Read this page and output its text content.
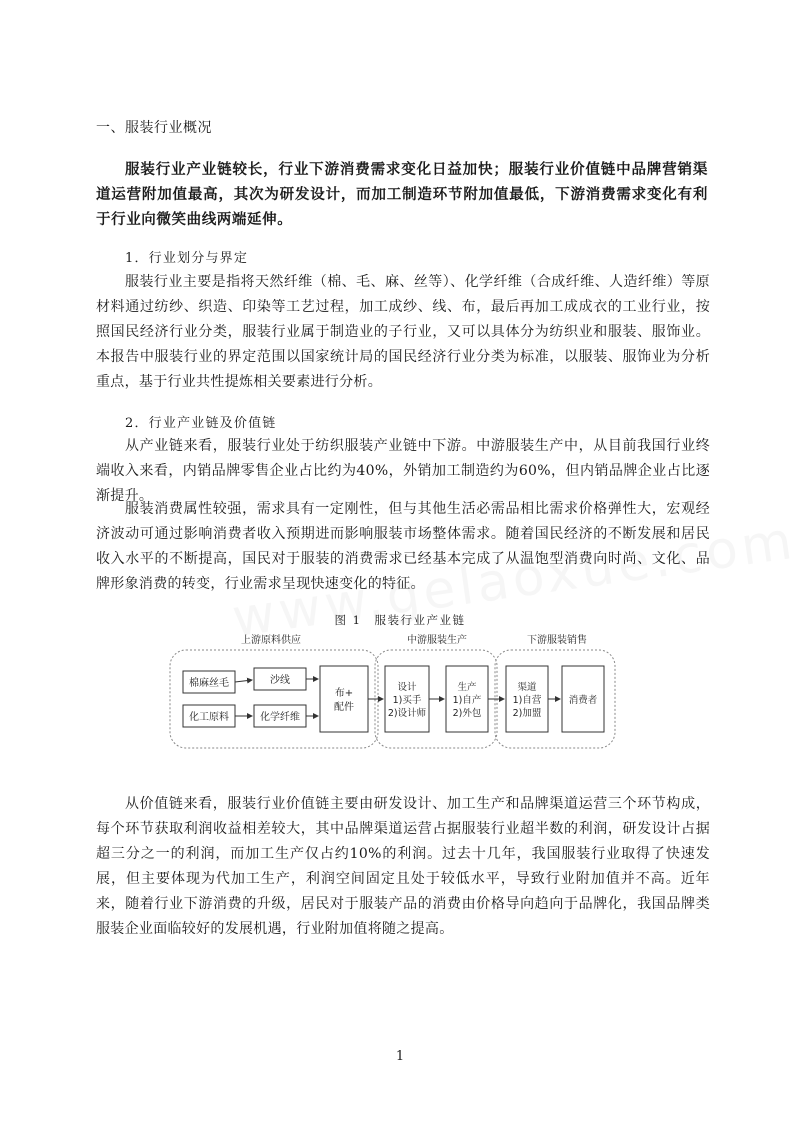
一、服装行业概况
服装行业产业链较长，行业下游消费需求变化日益加快；服装行业价值链中品牌营销渠道运营附加值最高，其次为研发设计，而加工制造环节附加值最低，下游消费需求变化有利于行业向微笑曲线两端延伸。
1．行业划分与界定
服装行业主要是指将天然纤维（棉、毛、麻、丝等）、化学纤维（合成纤维、人造纤维）等原材料通过纺纱、织造、印染等工艺过程，加工成纱、线、布，最后再加工成成衣的工业行业，按照国民经济行业分类，服装行业属于制造业的子行业，又可以具体分为纺织业和服装、服饰业。本报告中服装行业的界定范围以国家统计局的国民经济行业分类为标准，以服装、服饰业为分析重点，基于行业共性提炼相关要素进行分析。
2．行业产业链及价值链
从产业链来看，服装行业处于纺织服装产业链中下游。中游服装生产中，从目前我国行业终端收入来看，内销品牌零售企业占比约为40%，外销加工制造约为60%，但内销品牌企业占比逐渐提升。
服装消费属性较强，需求具有一定刚性，但与其他生活必需品相比需求价格弹性大，宏观经济波动可通过影响消费者收入预期进而影响服装市场整体需求。随着国民经济的不断发展和居民收入水平的不断提高，国民对于服装的消费需求已经基本完成了从温饱型消费向时尚、文化、品牌形象消费的转变，行业需求呈现快速变化的特征。
图 1　服装行业产业链
上游原料供应	中游服装生产	下游服装销售
棉麻丝毛
化工原料
沙线
化学纤维
布+
配件
设计
1)买手
2)设计师
生产
1)自产
2)外包
渠道
1)自营
2)加盟
消费者
从价值链来看，服装行业价值链主要由研发设计、加工生产和品牌渠道运营三个环节构成，每个环节获取利润收益相差较大，其中品牌渠道运营占据服装行业超半数的利润，研发设计占据超三分之一的利润，而加工生产仅占约10%的利润。过去十几年，我国服装行业取得了快速发展，但主要体现为代加工生产，利润空间固定且处于较低水平，导致行业附加值并不高。近年来，随着行业下游消费的升级，居民对于服装产品的消费由价格导向趋向于品牌化，我国品牌类服装企业面临较好的发展机遇，行业附加值将随之提高。
1
